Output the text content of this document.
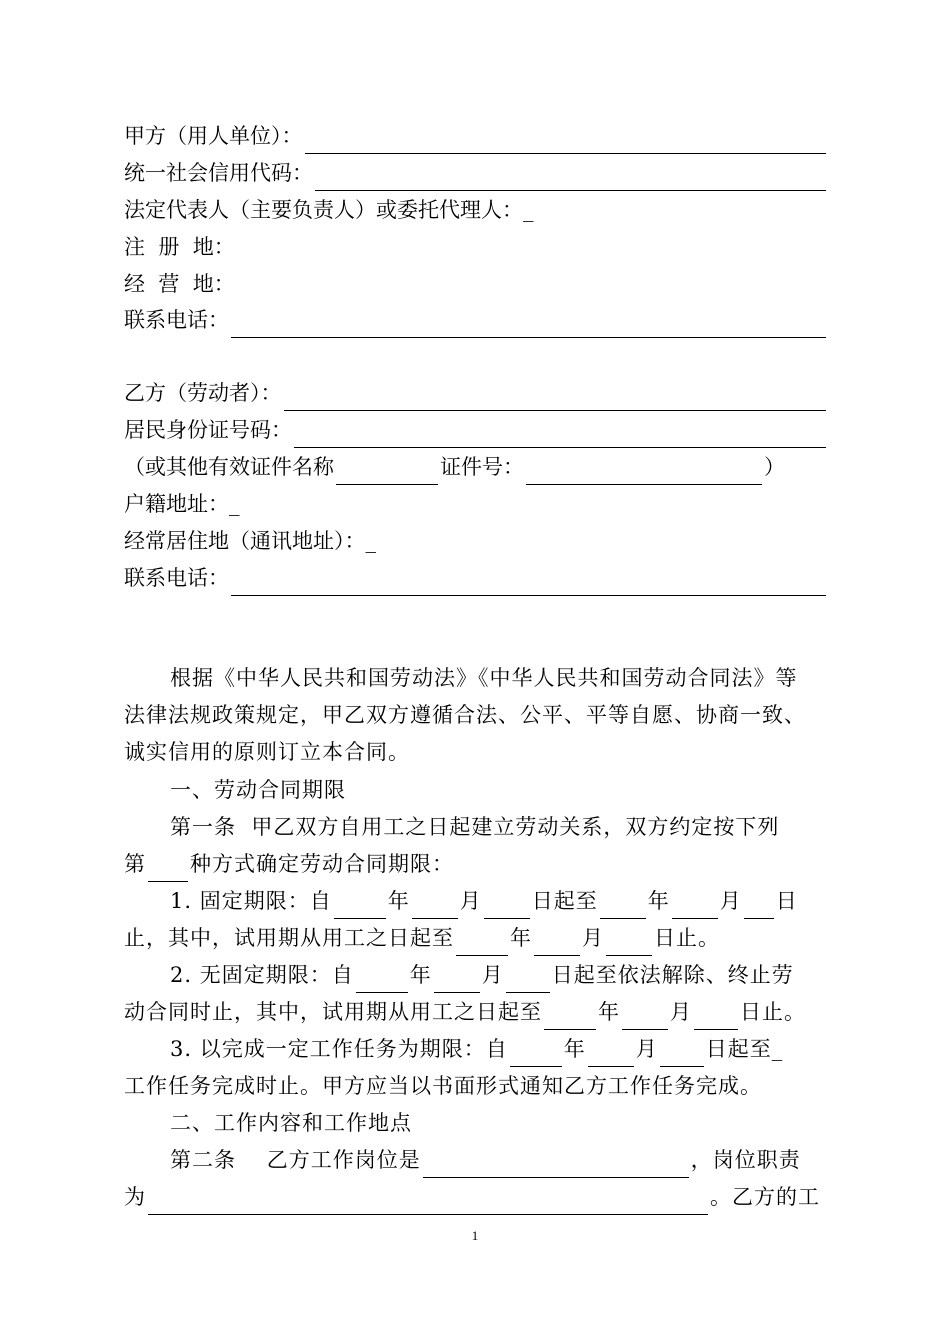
甲方（用人单位）：
统一社会信用代码：
法定代表人（主要负责人）或委托代理人：_
注  册  地：
经  营  地：
联系电话：
乙方（劳动者）：
居民身份证号码：
（或其他有效证件名称	证件号：	）
户籍地址：_
经常居住地（通讯地址）：_
联系电话：
根据《中华人民共和国劳动法》《中华人民共和国劳动合同法》等
法律法规政策规定，甲乙双方遵循合法、公平、平等自愿、协商一致、
诚实信用的原则订立本合同。
一、劳动合同期限
第一条  甲乙双方自用工之日起建立劳动关系，双方约定按下列
第 种方式确定劳动合同期限：
1. 固定期限：自	年 月 日起至 年 月 日
止，其中，试用期从用工之日起至	年 月 日止。
2. 无固定期限：自	年 月 日起至依法解除、终止劳
动合同时止，其中，试用期从用工之日起至	年 月 日止。
3. 以完成一定工作任务为期限：自	年 月 日起至_
工作任务完成时止。甲方应当以书面形式通知乙方工作任务完成。
二、工作内容和工作地点
第二条    乙方工作岗位是	，岗位职责
为	。乙方的工
1
